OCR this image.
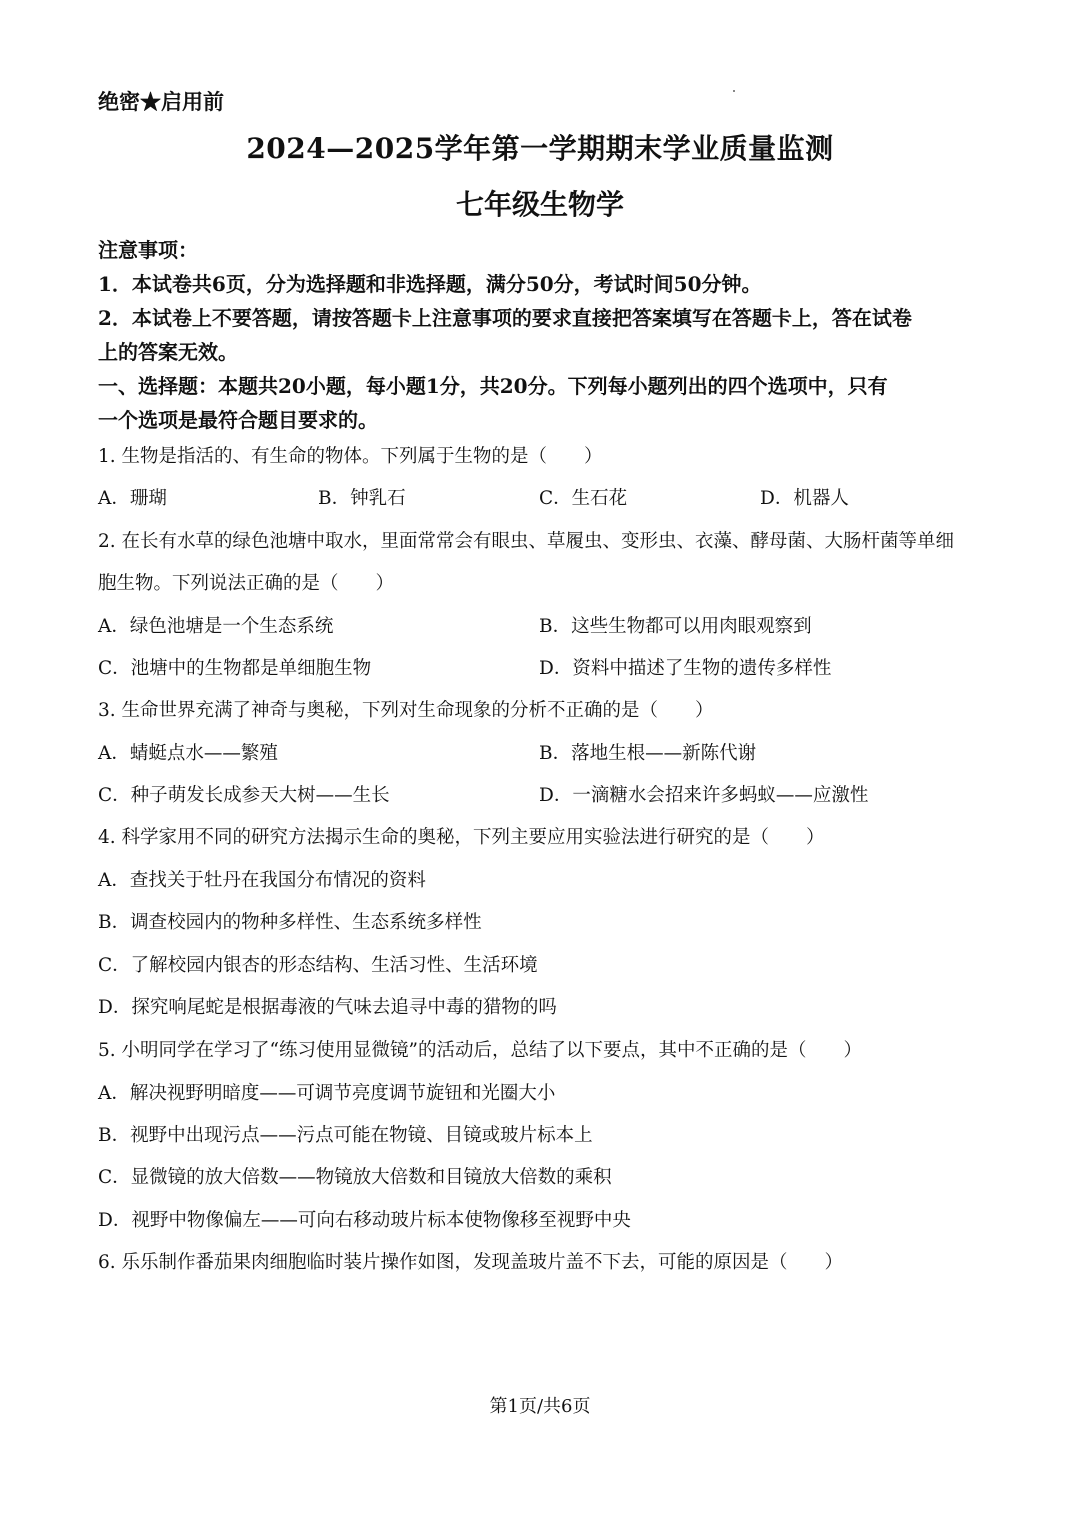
绝密★启用前
2024—2025学年第一学期期末学业质量监测
七年级生物学
注意事项：
1．本试卷共6页，分为选择题和非选择题，满分50分，考试时间50分钟。
2．本试卷上不要答题，请按答题卡上注意事项的要求直接把答案填写在答题卡上，答在试卷
上的答案无效。
一、选择题：本题共20小题，每小题1分，共20分。下列每小题列出的四个选项中，只有
一个选项是最符合题目要求的。
1. 生物是指活的、有生命的物体。下列属于生物的是（　　）
A．珊瑚	B．钟乳石	C．生石花	D．机器人
2. 在长有水草的绿色池塘中取水，里面常常会有眼虫、草履虫、变形虫、衣藻、酵母菌、大肠杆菌等单细
胞生物。下列说法正确的是（　　）
A．绿色池塘是一个生态系统	B．这些生物都可以用肉眼观察到
C．池塘中的生物都是单细胞生物	D．资料中描述了生物的遗传多样性
3. 生命世界充满了神奇与奥秘，下列对生命现象的分析不正确的是（　　）
A．蜻蜓点水——繁殖	B．落地生根——新陈代谢
C．种子萌发长成参天大树——生长	D．一滴糖水会招来许多蚂蚁——应激性
4. 科学家用不同的研究方法揭示生命的奥秘，下列主要应用实验法进行研究的是（　　）
A．查找关于牡丹在我国分布情况的资料
B．调查校园内的物种多样性、生态系统多样性
C．了解校园内银杏的形态结构、生活习性、生活环境
D．探究响尾蛇是根据毒液的气味去追寻中毒的猎物的吗
5. 小明同学在学习了“练习使用显微镜”的活动后，总结了以下要点，其中不正确的是（　　）
A．解决视野明暗度——可调节亮度调节旋钮和光圈大小
B．视野中出现污点——污点可能在物镜、目镜或玻片标本上
C．显微镜的放大倍数——物镜放大倍数和目镜放大倍数的乘积
D．视野中物像偏左——可向右移动玻片标本使物像移至视野中央
6. 乐乐制作番茄果肉细胞临时装片操作如图，发现盖玻片盖不下去，可能的原因是（　　）
第1页/共6页
